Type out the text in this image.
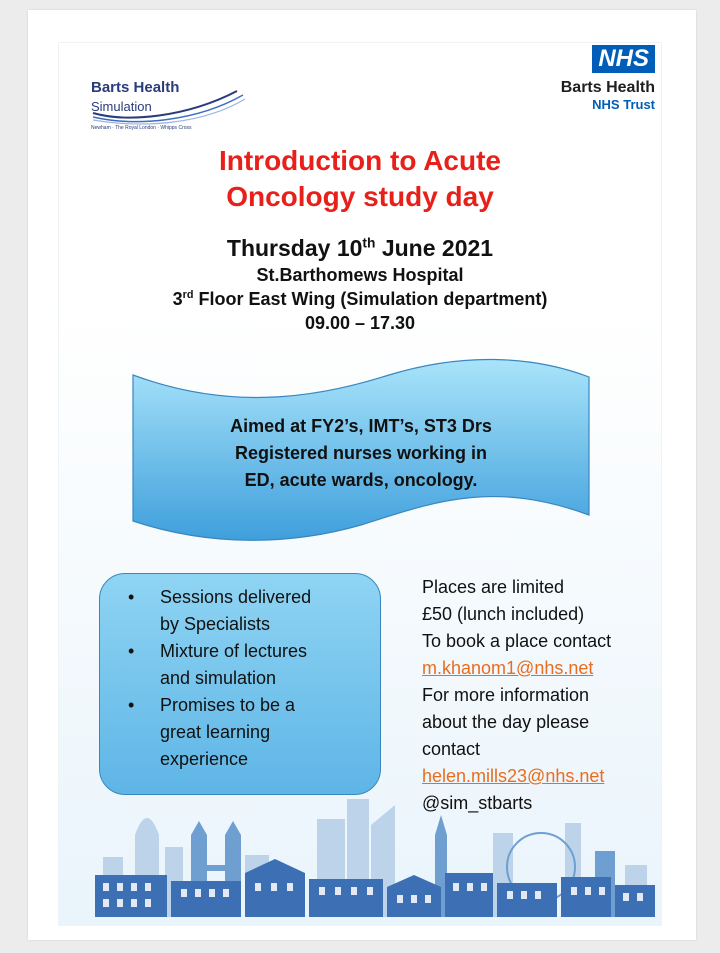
Barts Health
Simulation
Newham · The Royal London · Whipps Cross
NHS
Barts Health
NHS Trust
Introduction to Acute
Oncology study day
Thursday 10th June 2021
St.Barthomews Hospital
3rd Floor East Wing (Simulation department)
09.00 – 17.30
Aimed at FY2’s, IMT’s, ST3 Drs
Registered nurses working in
ED, acute wards, oncology.
• Sessions delivered
by Specialists
• Mixture of lectures
and simulation
• Promises to be a
great learning
experience
Places are limited
£50 (lunch included)
To book a place contact
m.khanom1@nhs.net
For more information
about the day please
contact
helen.mills23@nhs.net
@sim_stbarts
